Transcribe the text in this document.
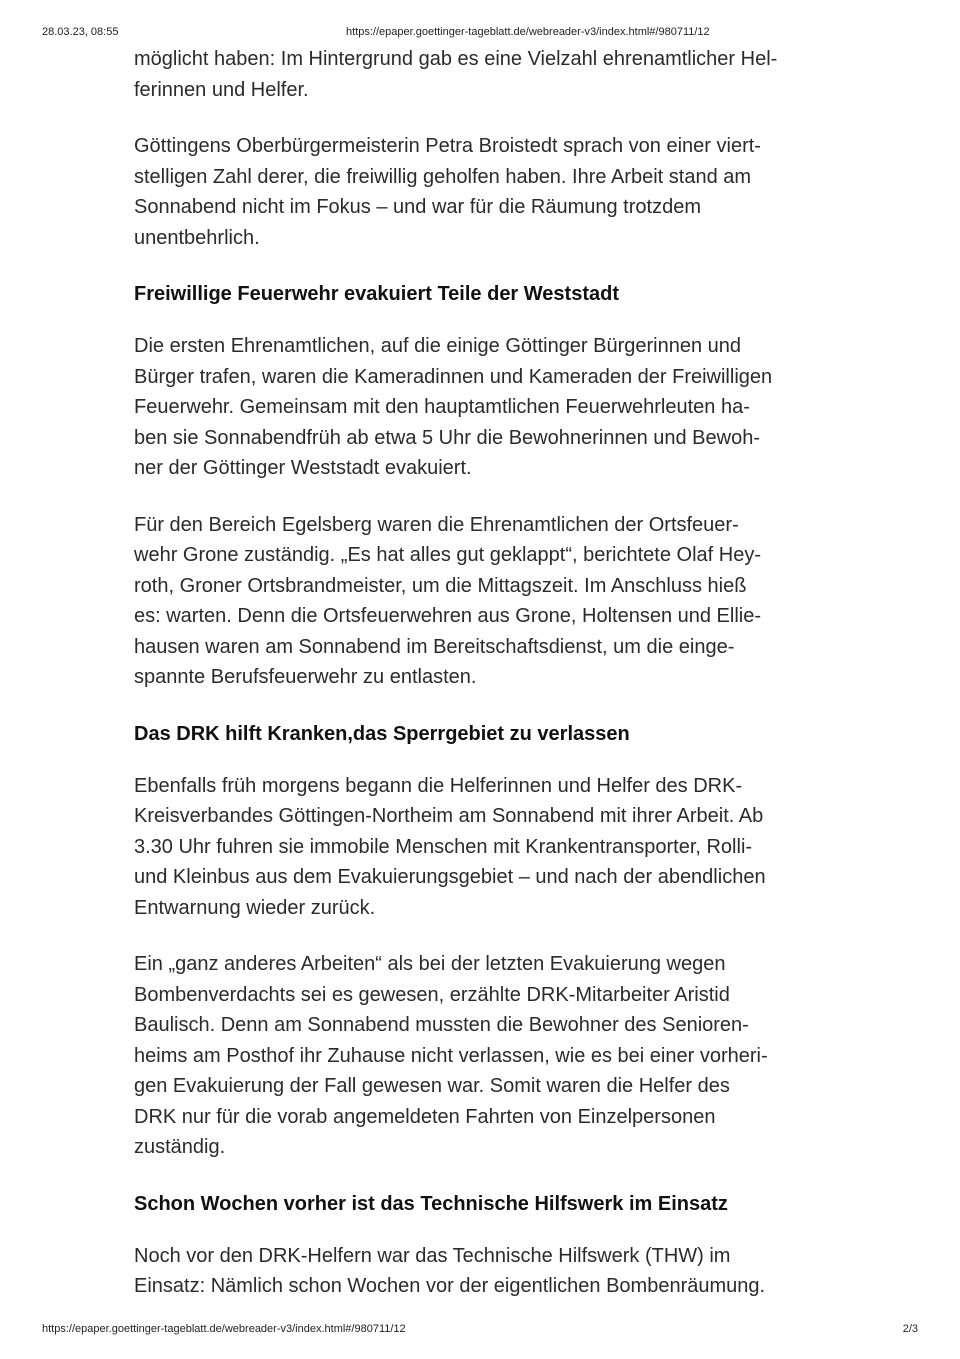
28.03.23, 08:55	https://epaper.goettinger-tageblatt.de/webreader-v3/index.html#/980711/12

möglicht haben: Im Hintergrund gab es eine Vielzahl ehrenamtlicher Hel-
ferinnen und Helfer.

Göttingens Oberbürgermeisterin Petra Broistedt sprach von einer viert-
stelligen Zahl derer, die freiwillig geholfen haben. Ihre Arbeit stand am
Sonnabend nicht im Fokus – und war für die Räumung trotzdem
unentbehrlich.

Freiwillige Feuerwehr evakuiert Teile der Weststadt

Die ersten Ehrenamtlichen, auf die einige Göttinger Bürgerinnen und
Bürger trafen, waren die Kameradinnen und Kameraden der Freiwilligen
Feuerwehr. Gemeinsam mit den hauptamtlichen Feuerwehrleuten ha-
ben sie Sonnabendfrüh ab etwa 5 Uhr die Bewohnerinnen und Bewoh-
ner der Göttinger Weststadt evakuiert.

Für den Bereich Egelsberg waren die Ehrenamtlichen der Ortsfeuer-
wehr Grone zuständig. „Es hat alles gut geklappt“, berichtete Olaf Hey-
roth, Groner Ortsbrandmeister, um die Mittagszeit. Im Anschluss hieß
es: warten. Denn die Ortsfeuerwehren aus Grone, Holtensen und Ellie-
hausen waren am Sonnabend im Bereitschaftsdienst, um die einge-
spannte Berufsfeuerwehr zu entlasten.

Das DRK hilft Kranken,das Sperrgebiet zu verlassen

Ebenfalls früh morgens begann die Helferinnen und Helfer des DRK-
Kreisverbandes Göttingen-Northeim am Sonnabend mit ihrer Arbeit. Ab
3.30 Uhr fuhren sie immobile Menschen mit Krankentransporter, Rolli-
und Kleinbus aus dem Evakuierungsgebiet – und nach der abendlichen
Entwarnung wieder zurück.

Ein „ganz anderes Arbeiten“ als bei der letzten Evakuierung wegen
Bombenverdachts sei es gewesen, erzählte DRK-Mitarbeiter Aristid
Baulisch. Denn am Sonnabend mussten die Bewohner des Senioren-
heims am Posthof ihr Zuhause nicht verlassen, wie es bei einer vorheri-
gen Evakuierung der Fall gewesen war. Somit waren die Helfer des
DRK nur für die vorab angemeldeten Fahrten von Einzelpersonen
zuständig.

Schon Wochen vorher ist das Technische Hilfswerk im Einsatz

Noch vor den DRK-Helfern war das Technische Hilfswerk (THW) im
Einsatz: Nämlich schon Wochen vor der eigentlichen Bombenräumung.

https://epaper.goettinger-tageblatt.de/webreader-v3/index.html#/980711/12	2/3
